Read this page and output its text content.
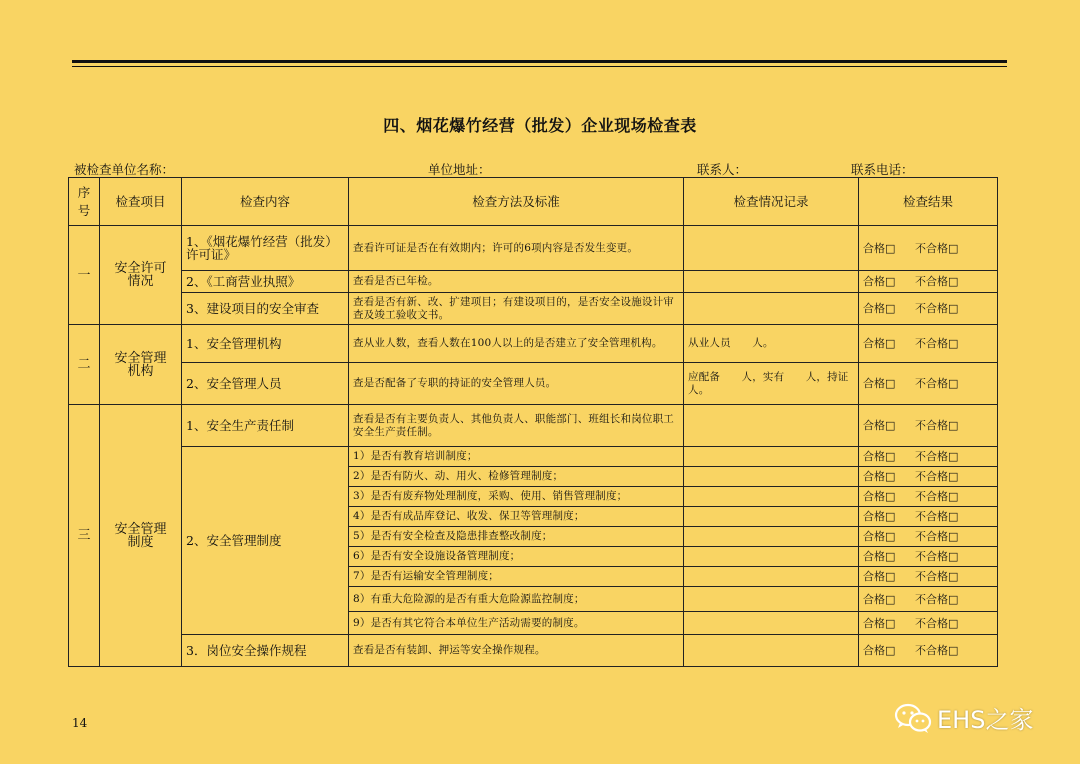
四、烟花爆竹经营（批发）企业现场检查表
被检查单位名称：	单位地址：	联系人：	联系电话：
序号	检查项目	检查内容	检查方法及标准	检查情况记录	检查结果
一	安全许可情况	1、《烟花爆竹经营（批发）许可证》	查看许可证是否在有效期内；许可的6项内容是否发生变更。		合格□ 不合格□
		2、《工商营业执照》	查看是否已年检。		合格□ 不合格□
		3、建设项目的安全审查	查看是否有新、改、扩建项目；有建设项目的，是否安全设施设计审查及竣工验收文书。		合格□ 不合格□
二	安全管理机构	1、安全管理机构	查从业人数，查看人数在100人以上的是否建立了安全管理机构。	从业人员　　人。	合格□ 不合格□
		2、安全管理人员	查是否配备了专职的持证的安全管理人员。	应配备　　人，实有　　人，持证　　人。	合格□ 不合格□
三	安全管理制度	1、安全生产责任制	查看是否有主要负责人、其他负责人、职能部门、班组长和岗位职工安全生产责任制。		合格□ 不合格□
		2、安全管理制度	1）是否有教育培训制度；		合格□ 不合格□
			2）是否有防火、动、用火、检修管理制度；		合格□ 不合格□
			3）是否有废弃物处理制度，采购、使用、销售管理制度；		合格□ 不合格□
			4）是否有成品库登记、收发、保卫等管理制度；		合格□ 不合格□
			5）是否有安全检查及隐患排查整改制度；		合格□ 不合格□
			6）是否有安全设施设备管理制度；		合格□ 不合格□
			7）是否有运输安全管理制度；		合格□ 不合格□
			8）有重大危险源的是否有重大危险源监控制度；		合格□ 不合格□
			9）是否有其它符合本单位生产活动需要的制度。		合格□ 不合格□
		3．岗位安全操作规程	查看是否有装卸、押运等安全操作规程。		合格□ 不合格□
14	EHS之家
